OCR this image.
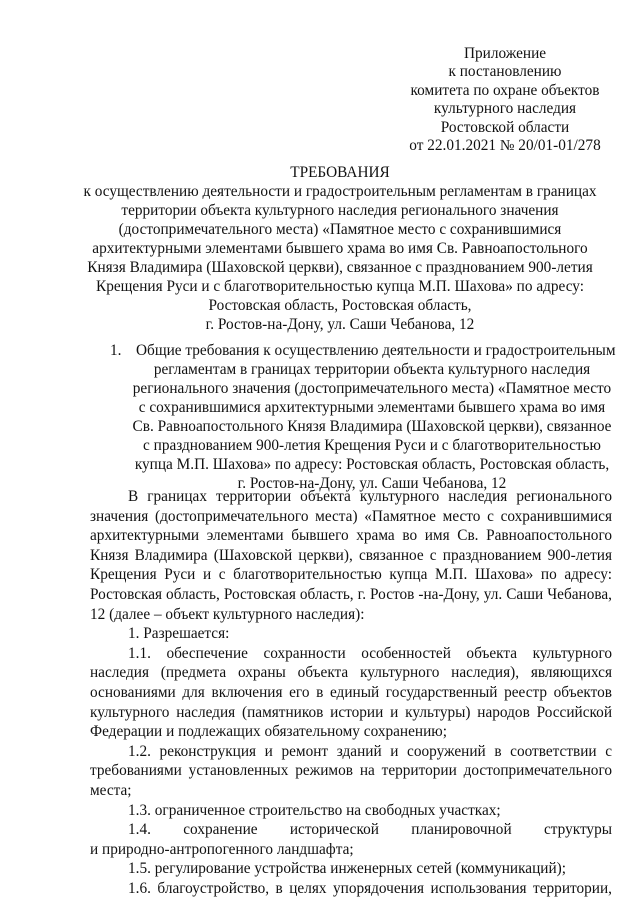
Приложение
к постановлению
комитета по охране объектов
культурного наследия
Ростовской области
от 22.01.2021 № 20/01-01/278
ТРЕБОВАНИЯ
к осуществлению деятельности и градостроительным регламентам в границах
территории объекта культурного наследия регионального значения
(достопримечательного места) «Памятное место с сохранившимися
архитектурными элементами бывшего храма во имя Св. Равноапостольного
Князя Владимира (Шаховской церкви), связанное с празднованием 900-летия
Крещения Руси и с благотворительностью купца М.П. Шахова» по адресу:
Ростовская область, Ростовская область,
г. Ростов-на-Дону, ул. Саши Чебанова, 12
1. Общие требования к осуществлению деятельности и градостроительным
регламентам в границах территории объекта культурного наследия
регионального значения (достопримечательного места) «Памятное место
с сохранившимися архитектурными элементами бывшего храма во имя
Св. Равноапостольного Князя Владимира (Шаховской церкви), связанное
с празднованием 900-летия Крещения Руси и с благотворительностью
купца М.П. Шахова» по адресу: Ростовская область, Ростовская область,
г. Ростов-на-Дону, ул. Саши Чебанова, 12

В границах территории объекта культурного наследия регионального значения (достопримечательного места) «Памятное место с сохранившимися архитектурными элементами бывшего храма во имя Св. Равноапостольного Князя Владимира (Шаховской церкви), связанное с празднованием 900-летия Крещения Руси и с благотворительностью купца М.П. Шахова» по адресу: Ростовская область, Ростовская область, г. Ростов -на-Дону, ул. Саши Чебанова, 12 (далее – объект культурного наследия):

1. Разрешается:

1.1. обеспечение сохранности особенностей объекта культурного наследия (предмета охраны объекта культурного наследия), являющихся основаниями для включения его в единый государственный реестр объектов культурного наследия (памятников истории и культуры) народов Российской Федерации и подлежащих обязательному сохранению;

1.2. реконструкция и ремонт зданий и сооружений в соответствии с требованиями установленных режимов на территории достопримечательного места;

1.3. ограниченное строительство на свободных участках;

1.4. сохранение исторической планировочной структуры

и природно-антропогенного ландшафта;

1.5. регулирование устройства инженерных сетей (коммуникаций);

1.6. благоустройство, в целях упорядочения использования территории,
